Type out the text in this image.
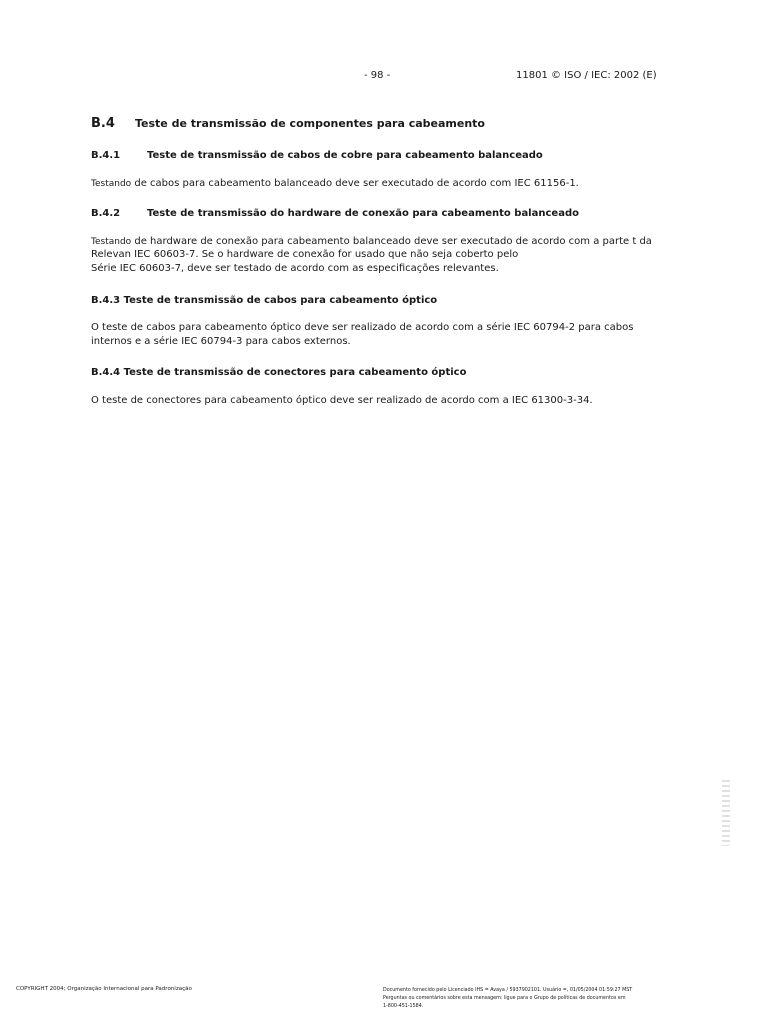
- 98 -	11801 © ISO / IEC: 2002 (E)
B.4 Teste de transmissão de componentes para cabeamento
B.4.1	Teste de transmissão de cabos de cobre para cabeamento balanceado
Testando de cabos para cabeamento balanceado deve ser executado de acordo com IEC 61156-1.
B.4.2	Teste de transmissão do hardware de conexão para cabeamento balanceado
Testando de hardware de conexão para cabeamento balanceado deve ser executado de acordo com a parte t da
Relevan IEC 60603-7. Se o hardware de conexão for usado que não seja coberto pelo
Série IEC 60603-7, deve ser testado de acordo com as especificações relevantes.
B.4.3 Teste de transmissão de cabos para cabeamento óptico
O teste de cabos para cabeamento óptico deve ser realizado de acordo com a série IEC 60794-2 para cabos
internos e a série IEC 60794-3 para cabos externos.
B.4.4 Teste de transmissão de conectores para cabeamento óptico
O teste de conectores para cabeamento óptico deve ser realizado de acordo com a IEC 61300-3-34.
COPYRIGHT 2004; Organização Internacional para Padronização	Documento fornecido pelo Licenciado IHS = Avaya / 5937902101. Usuário =, 01/05/2004 01:59:27 MST
Perguntas ou comentários sobre esta mensagem: ligue para o Grupo de políticas de documentos em
1-800-451-1584.
